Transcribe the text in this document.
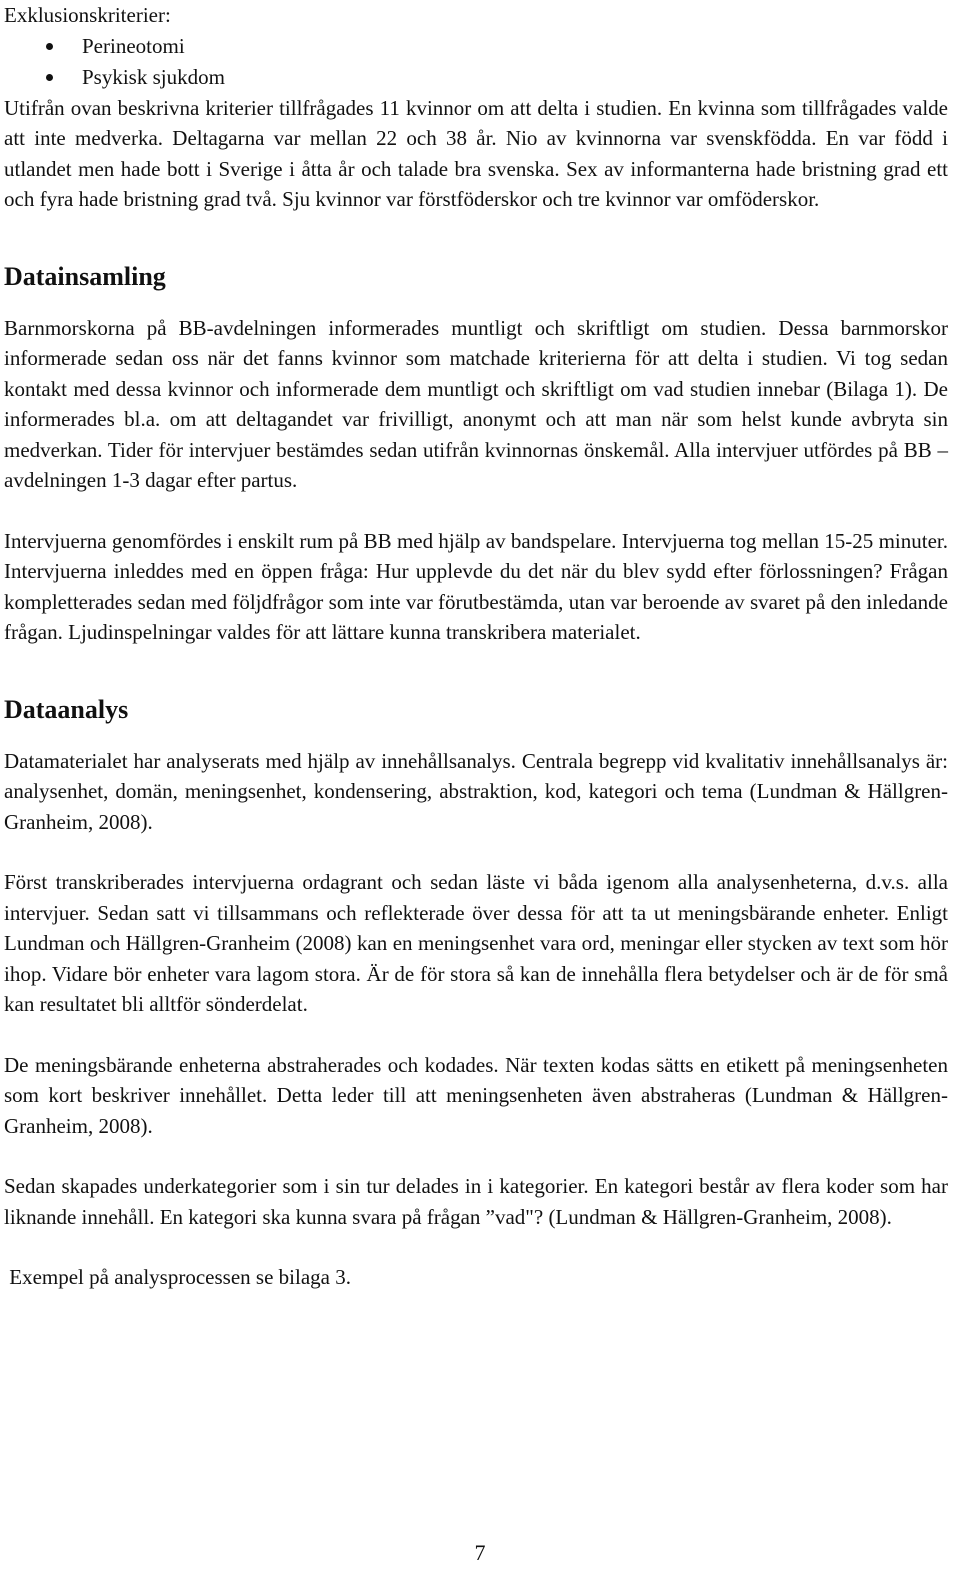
Exklusionskriterier:

Perineotomi
Psykisk sjukdom

Utifrån ovan beskrivna kriterier tillfrågades 11 kvinnor om att delta i studien. En kvinna som tillfrågades valde att inte medverka. Deltagarna var mellan 22 och 38 år. Nio av kvinnorna var svenskfödda. En var född i utlandet men hade bott i Sverige i åtta år och talade bra svenska. Sex av informanterna hade bristning grad ett och fyra hade bristning grad två. Sju kvinnor var förstföderskor och tre kvinnor var omföderskor.

Datainsamling

Barnmorskorna på BB-avdelningen informerades muntligt och skriftligt om studien. Dessa barnmorskor informerade sedan oss när det fanns kvinnor som matchade kriterierna för att delta i studien. Vi tog sedan kontakt med dessa kvinnor och informerade dem muntligt och skriftligt om vad studien innebar (Bilaga 1). De informerades bl.a. om att deltagandet var frivilligt, anonymt och att man när som helst kunde avbryta sin medverkan. Tider för intervjuer bestämdes sedan utifrån kvinnornas önskemål. Alla intervjuer utfördes på BB – avdelningen 1-3 dagar efter partus.

Intervjuerna genomfördes i enskilt rum på BB med hjälp av bandspelare. Intervjuerna tog mellan 15-25 minuter. Intervjuerna inleddes med en öppen fråga: Hur upplevde du det när du blev sydd efter förlossningen? Frågan kompletterades sedan med följdfrågor som inte var förutbestämda, utan var beroende av svaret på den inledande frågan. Ljudinspelningar valdes för att lättare kunna transkribera materialet.

Dataanalys

Datamaterialet har analyserats med hjälp av innehållsanalys. Centrala begrepp vid kvalitativ innehållsanalys är: analysenhet, domän, meningsenhet, kondensering, abstraktion, kod, kategori och tema (Lundman & Hällgren-Granheim, 2008).

Först transkriberades intervjuerna ordagrant och sedan läste vi båda igenom alla analysenheterna, d.v.s. alla intervjuer. Sedan satt vi tillsammans och reflekterade över dessa för att ta ut meningsbärande enheter. Enligt Lundman och Hällgren-Granheim (2008) kan en meningsenhet vara ord, meningar eller stycken av text som hör ihop. Vidare bör enheter vara lagom stora. Är de för stora så kan de innehålla flera betydelser och är de för små kan resultatet bli alltför sönderdelat.

De meningsbärande enheterna abstraherades och kodades. När texten kodas sätts en etikett på meningsenheten som kort beskriver innehållet. Detta leder till att meningsenheten även abstraheras (Lundman & Hällgren-Granheim, 2008).

Sedan skapades underkategorier som i sin tur delades in i kategorier. En kategori består av flera koder som har liknande innehåll. En kategori ska kunna svara på frågan ”vad"? (Lundman & Hällgren-Granheim, 2008).

Exempel på analysprocessen se bilaga 3.

7
